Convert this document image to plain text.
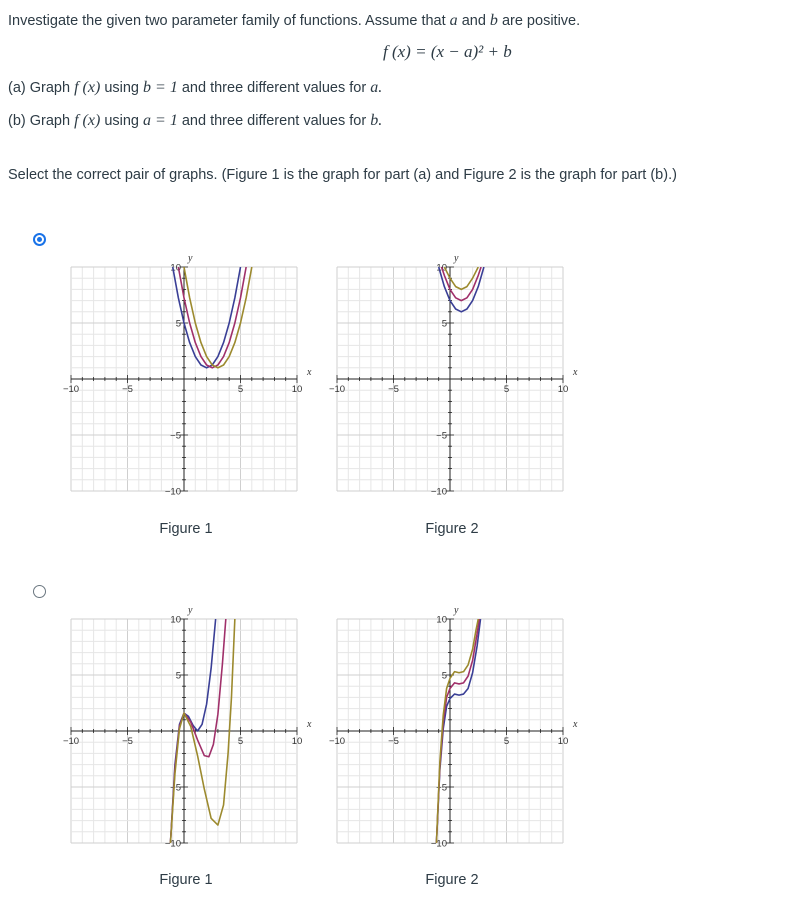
Investigate the given two parameter family of functions. Assume that a and b are positive.
f (x) = (x − a)² + b
(a) Graph f (x) using b = 1 and three different values for a.
(b) Graph f (x) using a = 1 and three different values for b.
Select the correct pair of graphs. (Figure 1 is the graph for part (a) and Figure 2 is the graph for part (b).)
−10	−5	5	10
10
5
−5
−10
x
y
−10	−5	5	10
10
5
−5
−10
x
y
−10	−5	5	10
10
5
−5
−10
x
y
−10	−5	5	10
10
5
−5
−10
x
y
Figure 1	Figure 2
Figure 1	Figure 2
